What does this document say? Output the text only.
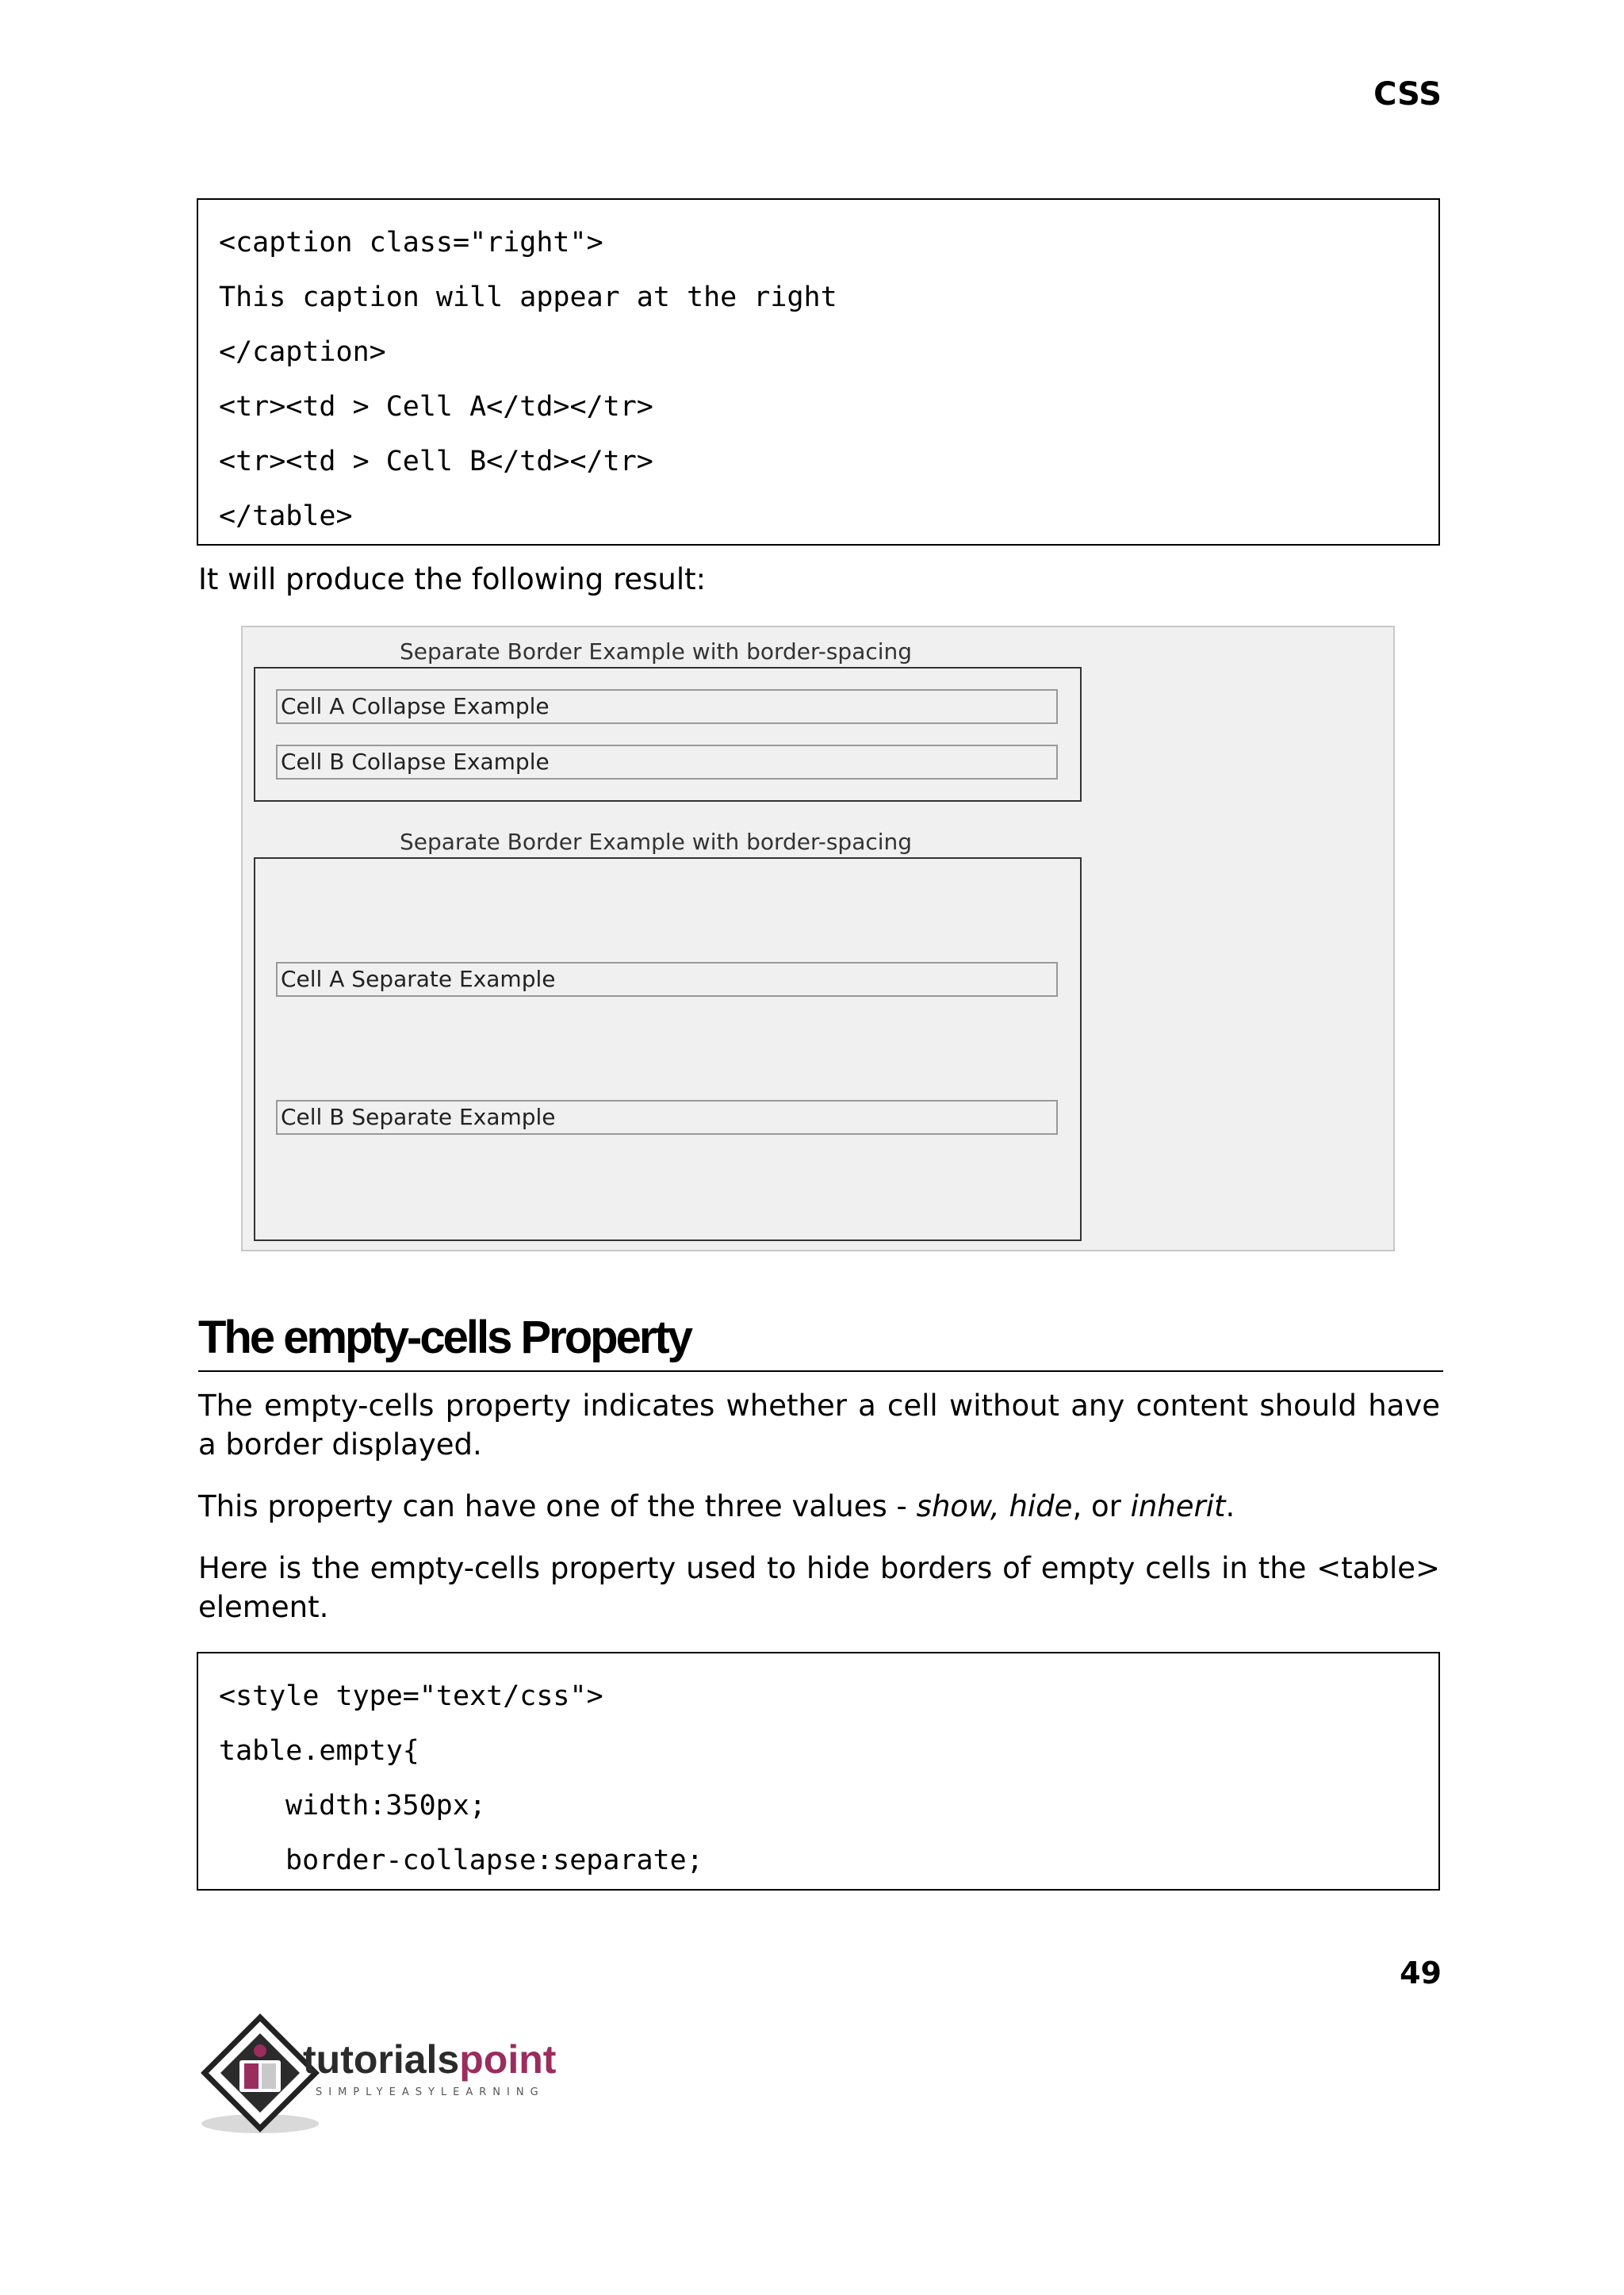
CSS

<caption class="right">

This caption will appear at the right

</caption>

<tr><td > Cell A</td></tr>

<tr><td > Cell B</td></tr>

</table>

It will produce the following result:

Separate Border Example with border-spacing

Cell A Collapse Example
Cell B Collapse Example

Separate Border Example with border-spacing

Cell A Separate Example
Cell B Separate Example
The empty-cells Property

The empty-cells property indicates whether a cell without any content should have a border displayed.

This property can have one of the three values - show, hide, or inherit.

Here is the empty-cells property used to hide borders of empty cells in the <table> element.

<style type="text/css">

table.empty{

width:350px;

border-collapse:separate;

49

tutorialspoint
SIMPLYEASYLEARNING
